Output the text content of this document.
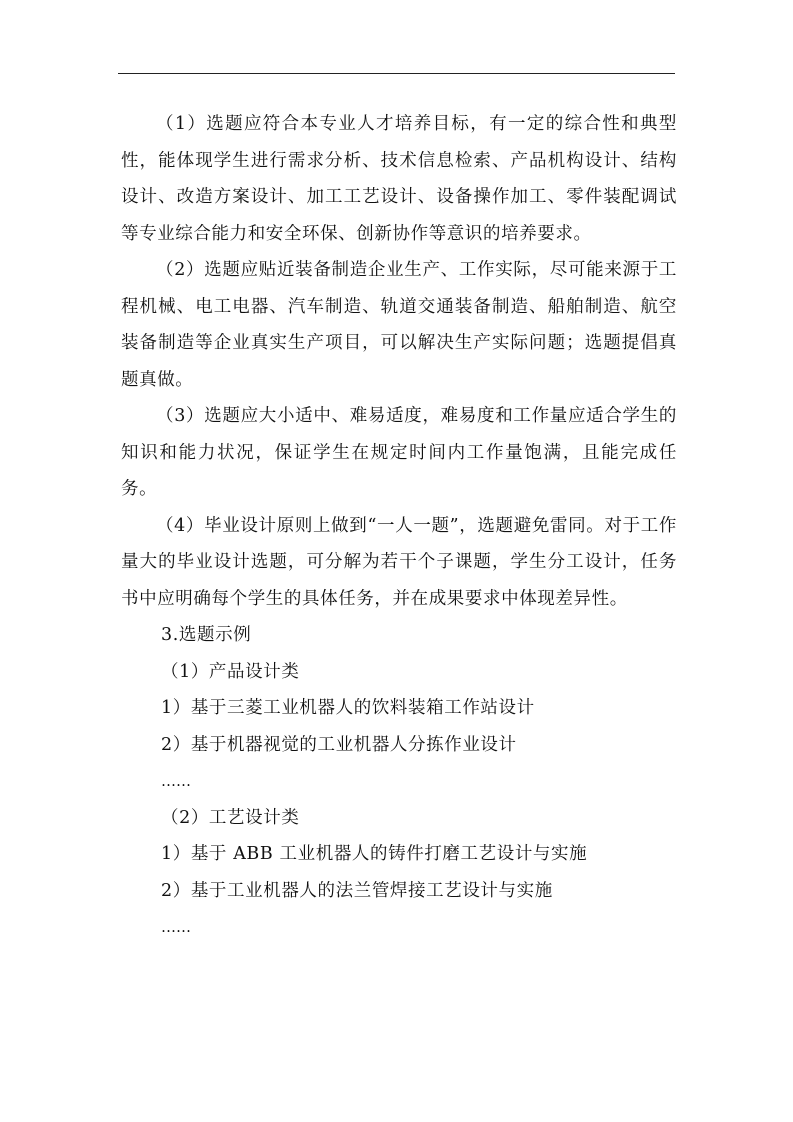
（1）选题应符合本专业人才培养目标，有一定的综合性和典型性，能体现学生进行需求分析、技术信息检索、产品机构设计、结构设计、改造方案设计、加工工艺设计、设备操作加工、零件装配调试等专业综合能力和安全环保、创新协作等意识的培养要求。

（2）选题应贴近装备制造企业生产、工作实际，尽可能来源于工程机械、电工电器、汽车制造、轨道交通装备制造、船舶制造、航空装备制造等企业真实生产项目，可以解决生产实际问题；选题提倡真题真做。

（3）选题应大小适中、难易适度，难易度和工作量应适合学生的知识和能力状况，保证学生在规定时间内工作量饱满，且能完成任务。

（4）毕业设计原则上做到“一人一题”，选题避免雷同。对于工作量大的毕业设计选题，可分解为若干个子课题，学生分工设计，任务书中应明确每个学生的具体任务，并在成果要求中体现差异性。

3.选题示例

（1）产品设计类

1）基于三菱工业机器人的饮料装箱工作站设计

2）基于机器视觉的工业机器人分拣作业设计

……

（2）工艺设计类

1）基于 ABB 工业机器人的铸件打磨工艺设计与实施

2）基于工业机器人的法兰管焊接工艺设计与实施

……
